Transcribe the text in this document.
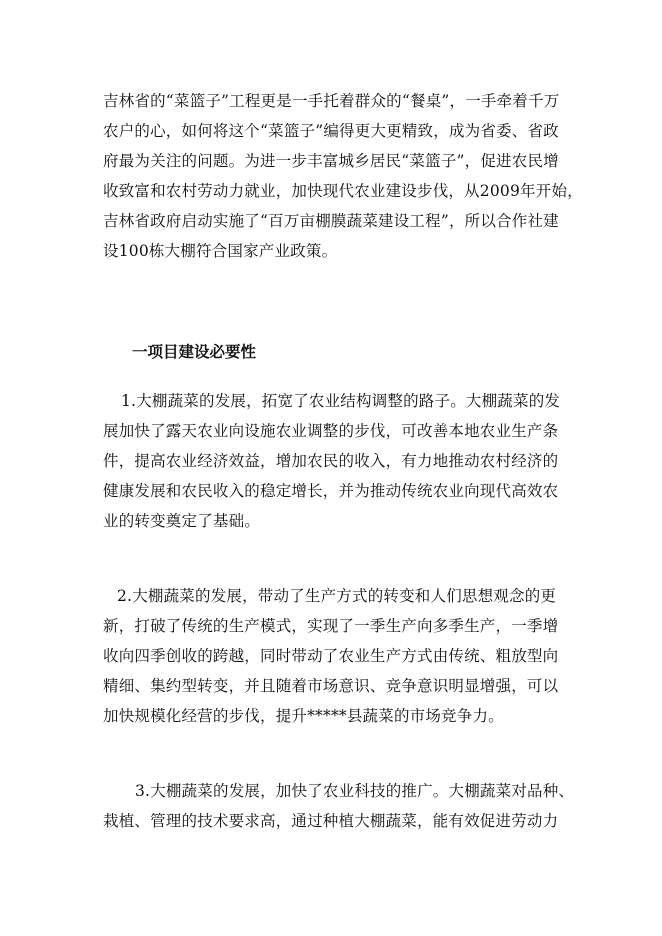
吉林省的“菜篮子”工程更是一手托着群众的“餐桌”，一手牵着千万
农户的心，如何将这个“菜篮子”编得更大更精致，成为省委、省政
府最为关注的问题。为进一步丰富城乡居民“菜篮子”，促进农民增
收致富和农村劳动力就业，加快现代农业建设步伐，从2009年开始，
吉林省政府启动实施了“百万亩棚膜蔬菜建设工程”，所以合作社建
设100栋大棚符合国家产业政策。

一项目建设必要性

1.大棚蔬菜的发展，拓宽了农业结构调整的路子。大棚蔬菜的发
展加快了露天农业向设施农业调整的步伐，可改善本地农业生产条
件，提高农业经济效益，增加农民的收入，有力地推动农村经济的
健康发展和农民收入的稳定增长，并为推动传统农业向现代高效农
业的转变奠定了基础。

2.大棚蔬菜的发展，带动了生产方式的转变和人们思想观念的更
新，打破了传统的生产模式，实现了一季生产向多季生产，一季增
收向四季创收的跨越，同时带动了农业生产方式由传统、粗放型向
精细、集约型转变，并且随着市场意识、竞争意识明显增强，可以
加快规模化经营的步伐，提升*****县蔬菜的市场竞争力。

3.大棚蔬菜的发展，加快了农业科技的推广。大棚蔬菜对品种、
栽植、管理的技术要求高，通过种植大棚蔬菜，能有效促进劳动力
